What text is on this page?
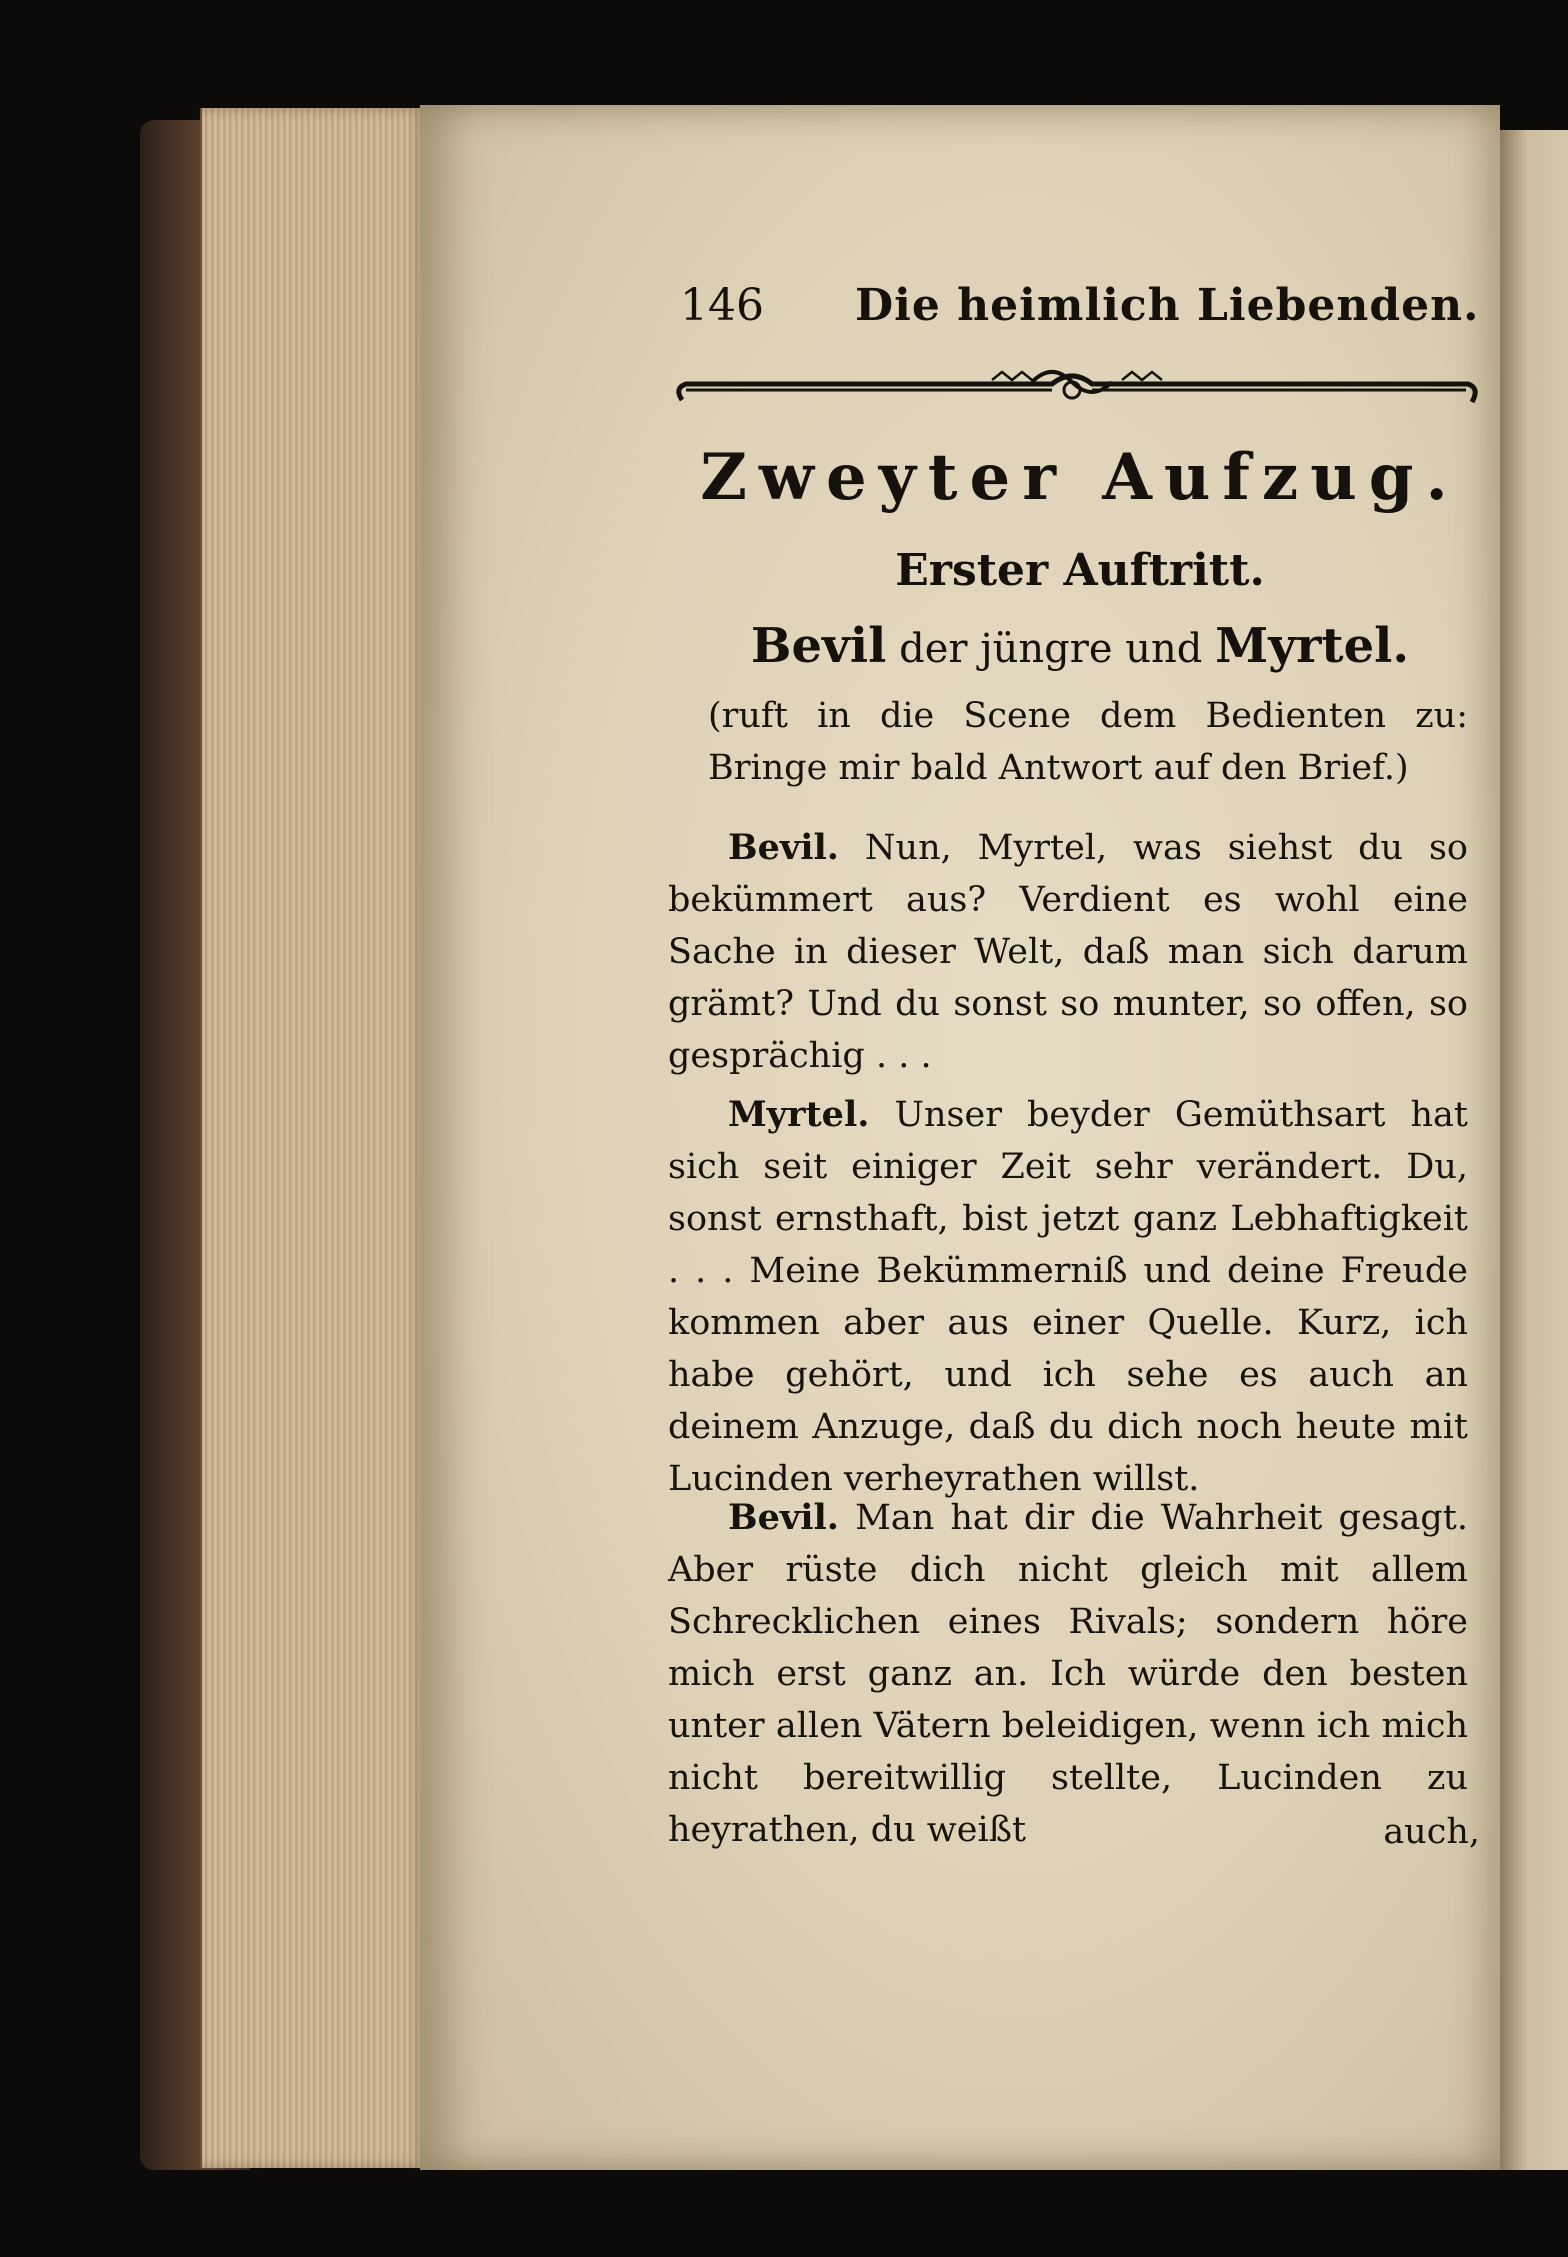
146 Die heimlich Liebenden.
Zweyter Aufzug.
Erster Auftritt.
Bevil der jüngre und Myrtel.
(ruft in die Scene dem Bedienten zu: Bringe mir bald Antwort auf den Brief.)
Bevil. Nun, Myrtel, was siehst du so bekümmert aus? Verdient es wohl eine Sache in dieser Welt, daß man sich darum grämt? Und du sonst so munter, so offen, so gesprächig . . .
Myrtel. Unser beyder Gemüthsart hat sich seit einiger Zeit sehr verändert. Du, sonst ernsthaft, bist jetzt ganz Lebhaftigkeit . . . Meine Bekümmerniß und deine Freude kommen aber aus einer Quelle. Kurz, ich habe gehört, und ich sehe es auch an deinem Anzuge, daß du dich noch heute mit Lucinden verheyrathen willst.
Bevil. Man hat dir die Wahrheit gesagt. Aber rüste dich nicht gleich mit allem Schrecklichen eines Rivals; sondern höre mich erst ganz an. Ich würde den besten unter allen Vätern beleidigen, wenn ich mich nicht bereitwillig stellte, Lucinden zu heyrathen, du weißt	auch,
